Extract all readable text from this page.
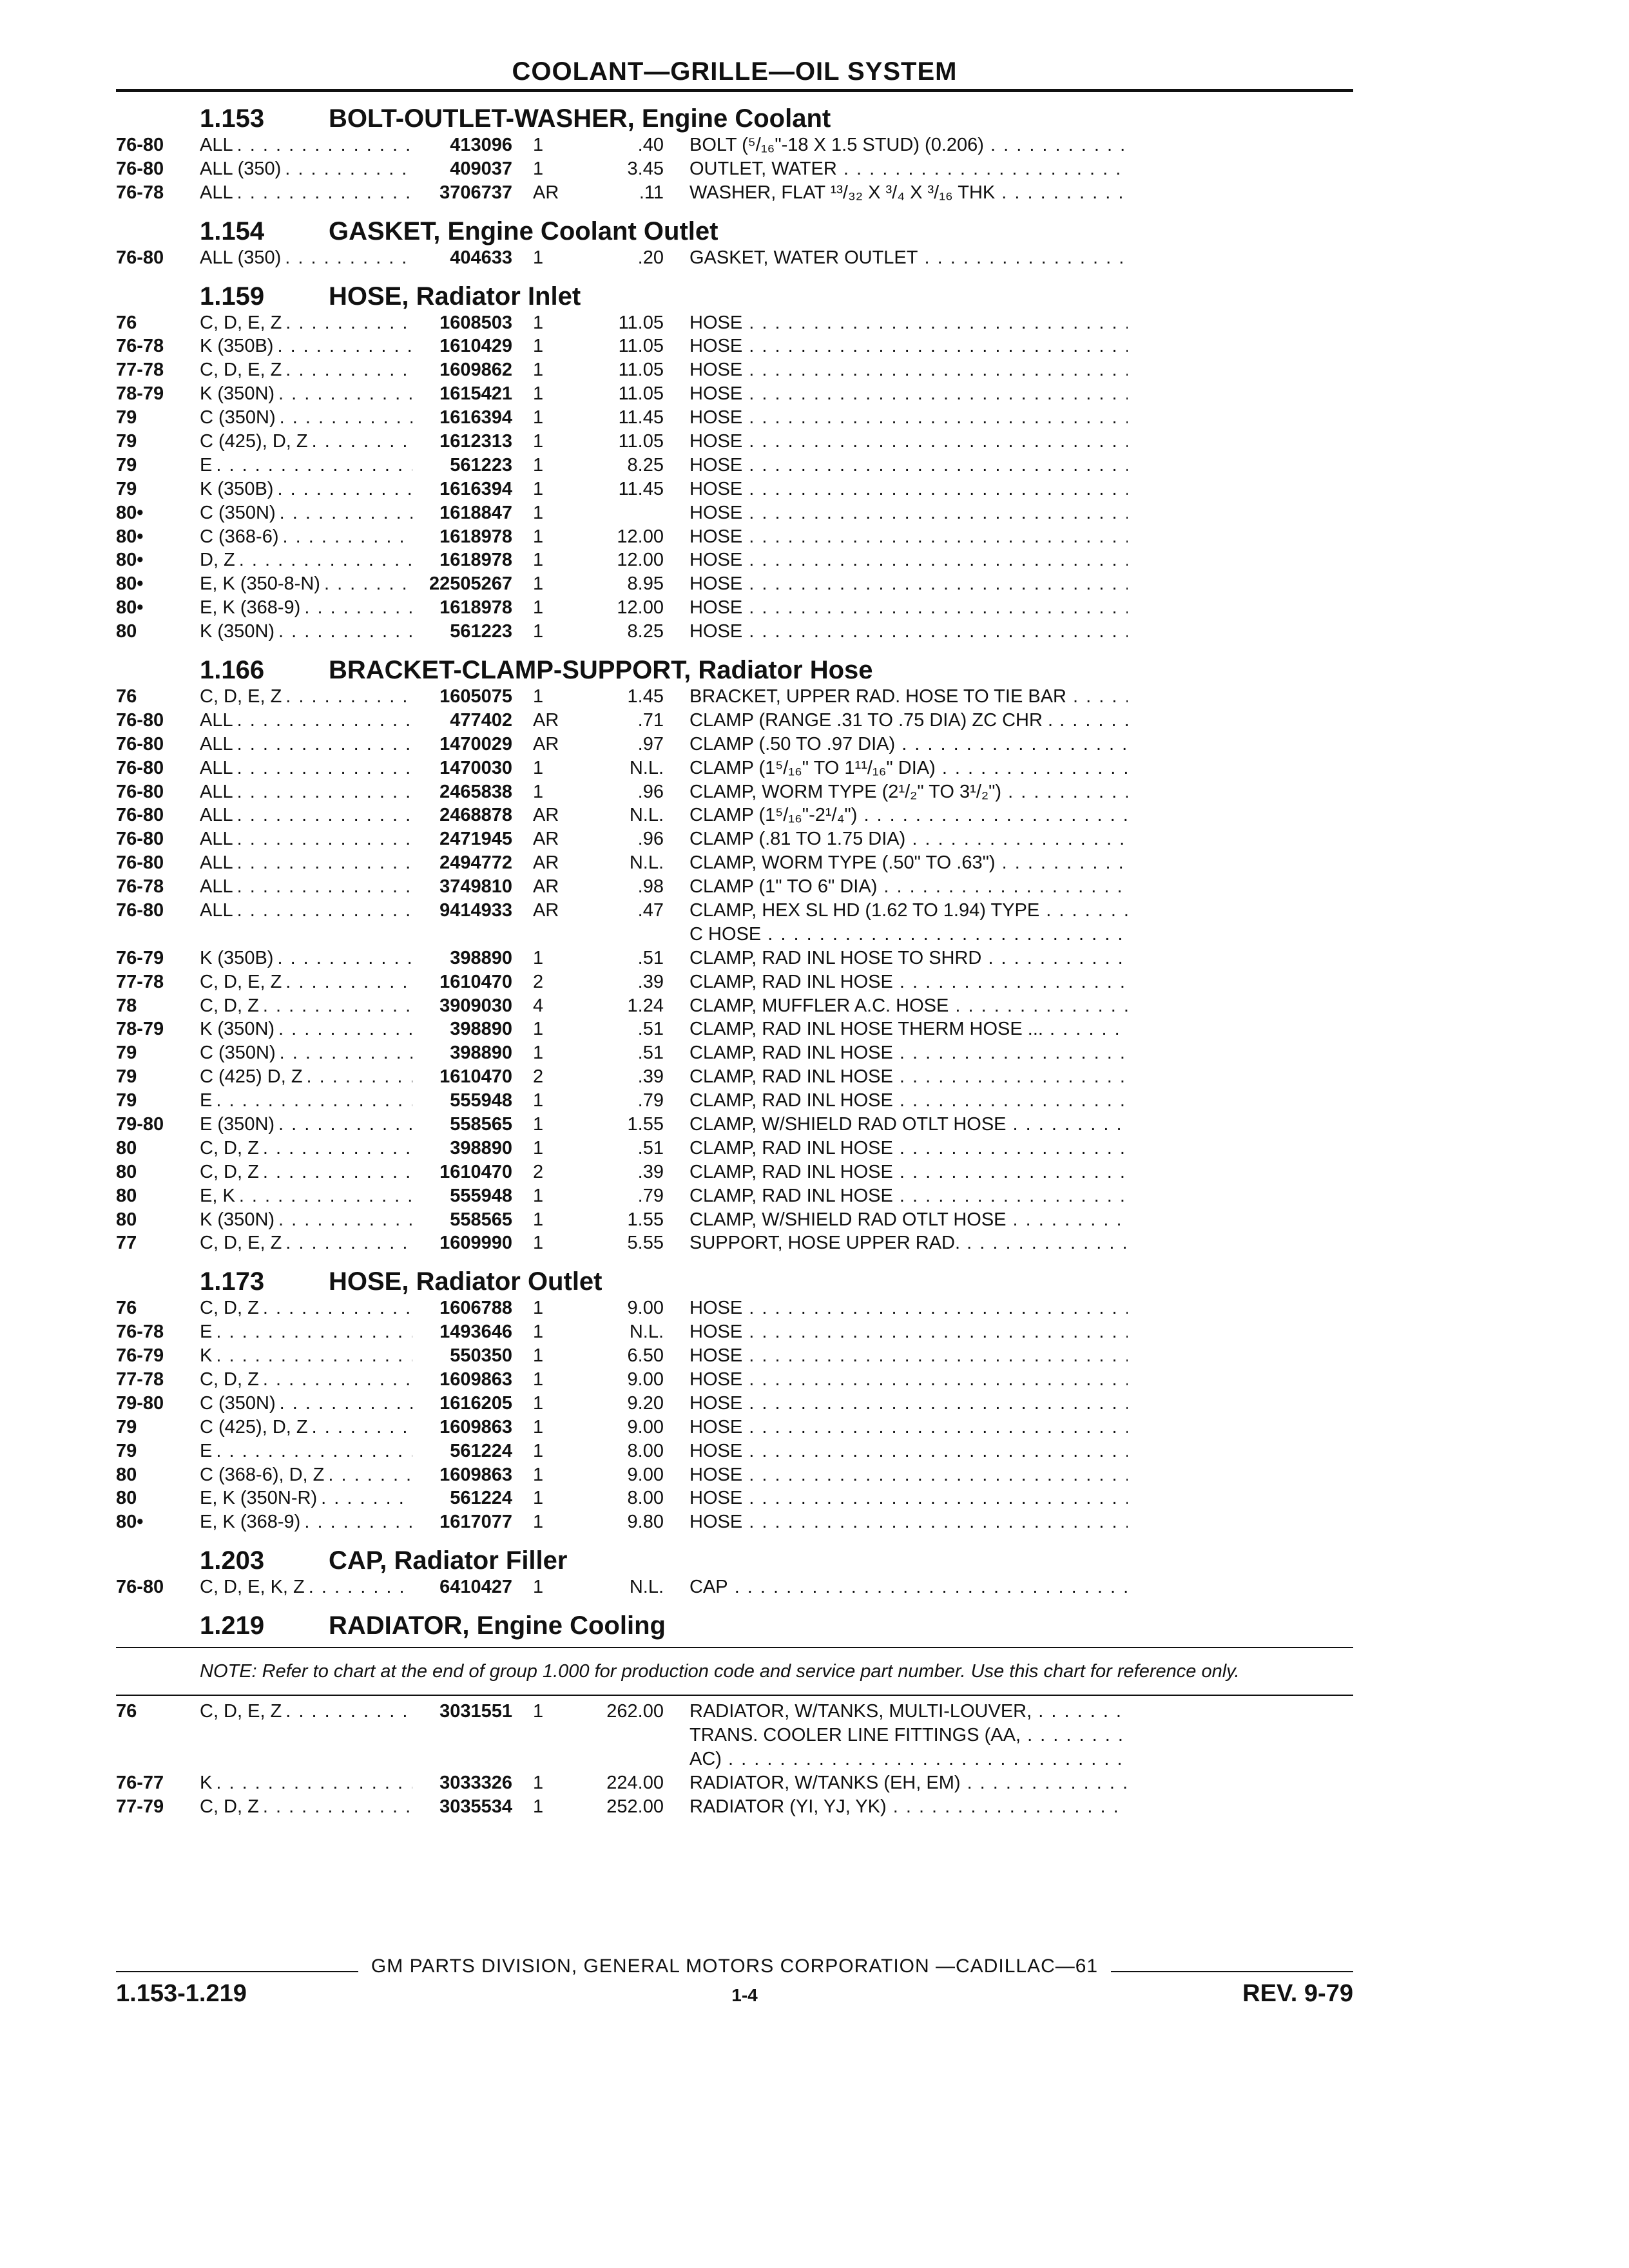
COOLANT—GRILLE—OIL SYSTEM
1.153	BOLT-OUTLET-WASHER, Engine Coolant
76-80	ALL . . .	413096	1	.40	BOLT (⁵/₁₆"-18 X 1.5 STUD) (0.206) . . .
76-80	ALL (350) . . .	409037	1	3.45	OUTLET, WATER . . .
76-78	ALL . . .	3706737	AR	.11	WASHER, FLAT ¹³/₃₂ X ³/₄ X ³/₁₆ THK . . .
1.154	GASKET, Engine Coolant Outlet
76-80	ALL (350) . . .	404633	1	.20	GASKET, WATER OUTLET . . .
1.159	HOSE, Radiator Inlet
76	C, D, E, Z . . .	1608503	1	11.05	HOSE . . .
76-78	K (350B) . . .	1610429	1	11.05	HOSE . . .
77-78	C, D, E, Z . . .	1609862	1	11.05	HOSE . . .
78-79	K (350N) . . .	1615421	1	11.05	HOSE . . .
79	C (350N) . . .	1616394	1	11.45	HOSE . . .
79	C (425), D, Z . . .	1612313	1	11.05	HOSE . . .
79	E . . .	561223	1	8.25	HOSE . . .
79	K (350B) . . .	1616394	1	11.45	HOSE . . .
80•	C (350N) . . .	1618847	1	HOSE . . .
80•	C (368-6) . . .	1618978	1	12.00	HOSE . . .
80•	D, Z . . .	1618978	1	12.00	HOSE . . .
80•	E, K (350-8-N) . . .	22505267	1	8.95	HOSE . . .
80•	E, K (368-9) . . .	1618978	1	12.00	HOSE . . .
80	K (350N) . . .	561223	1	8.25	HOSE . . .
1.166	BRACKET-CLAMP-SUPPORT, Radiator Hose
76	C, D, E, Z . . .	1605075	1	1.45	BRACKET, UPPER RAD. HOSE TO TIE BAR . . .
76-80	ALL . . .	477402	AR	.71	CLAMP (RANGE .31 TO .75 DIA) ZC CHR . . . .
76-80	ALL . . .	1470029	AR	.97	CLAMP (.50 TO .97 DIA) . . .
76-80	ALL . . .	1470030	1	N.L.	CLAMP (1⁵/₁₆" TO 1¹¹/₁₆" DIA) . . .
76-80	ALL . . .	2465838	1	.96	CLAMP, WORM TYPE (2¹/₂" TO 3¹/₂") . . .
76-80	ALL . . .	2468878	AR	N.L.	CLAMP (1⁵/₁₆"-2¹/₄") . . .
76-80	ALL . . .	2471945	AR	.96	CLAMP (.81 TO 1.75 DIA) . . .
76-80	ALL . . .	2494772	AR	N.L.	CLAMP, WORM TYPE (.50" TO .63") . . .
76-78	ALL . . .	3749810	AR	.98	CLAMP (1" TO 6" DIA) . . .
76-80	ALL . . .	9414933	AR	.47	CLAMP, HEX SL HD (1.62 TO 1.94) TYPE . . .
C HOSE . . .
76-79	K (350B) . . .	398890	1	.51	CLAMP, RAD INL HOSE TO SHRD . . .
77-78	C, D, E, Z . . .	1610470	2	.39	CLAMP, RAD INL HOSE . . .
78	C, D, Z . . .	3909030	4	1.24	CLAMP, MUFFLER A.C. HOSE . . .
78-79	K (350N) . . .	398890	1	.51	CLAMP, RAD INL HOSE THERM HOSE ... . . .
79	C (350N) . . .	398890	1	.51	CLAMP, RAD INL HOSE . . .
79	C (425) D, Z . . .	1610470	2	.39	CLAMP, RAD INL HOSE . . .
79	E . . .	555948	1	.79	CLAMP, RAD INL HOSE . . .
79-80	E (350N) . . .	558565	1	1.55	CLAMP, W/SHIELD RAD OTLT HOSE . . .
80	C, D, Z . . .	398890	1	.51	CLAMP, RAD INL HOSE . . .
80	C, D, Z . . .	1610470	2	.39	CLAMP, RAD INL HOSE . . .
80	E, K . . .	555948	1	.79	CLAMP, RAD INL HOSE . . .
80	K (350N) . . .	558565	1	1.55	CLAMP, W/SHIELD RAD OTLT HOSE . . .
77	C, D, E, Z . . .	1609990	1	5.55	SUPPORT, HOSE UPPER RAD. . . .
1.173	HOSE, Radiator Outlet
76	C, D, Z . . .	1606788	1	9.00	HOSE . . .
76-78	E . . .	1493646	1	N.L.	HOSE . . .
76-79	K . . .	550350	1	6.50	HOSE . . .
77-78	C, D, Z . . .	1609863	1	9.00	HOSE . . .
79-80	C (350N) . . .	1616205	1	9.20	HOSE . . .
79	C (425), D, Z . . .	1609863	1	9.00	HOSE . . .
79	E . . .	561224	1	8.00	HOSE . . .
80	C (368-6), D, Z . . .	1609863	1	9.00	HOSE . . .
80	E, K (350N-R) . . .	561224	1	8.00	HOSE . . .
80•	E, K (368-9) . . .	1617077	1	9.80	HOSE . . .
1.203	CAP, Radiator Filler
76-80	C, D, E, K, Z . . .	6410427	1	N.L.	CAP . . .
1.219	RADIATOR, Engine Cooling
NOTE: Refer to chart at the end of group 1.000 for production code and service part number. Use this chart for reference only.
76	C, D, E, Z . . .	3031551	1	262.00	RADIATOR, W/TANKS, MULTI-LOUVER, . . .
TRANS. COOLER LINE FITTINGS (AA, . . .
AC) . . .
76-77	K . . .	3033326	1	224.00	RADIATOR, W/TANKS (EH, EM) . . .
77-79	C, D, Z . . .	3035534	1	252.00	RADIATOR (YI, YJ, YK) . . .
GM PARTS DIVISION, GENERAL MOTORS CORPORATION —CADILLAC—61
1.153-1.219	1-4	REV. 9-79
